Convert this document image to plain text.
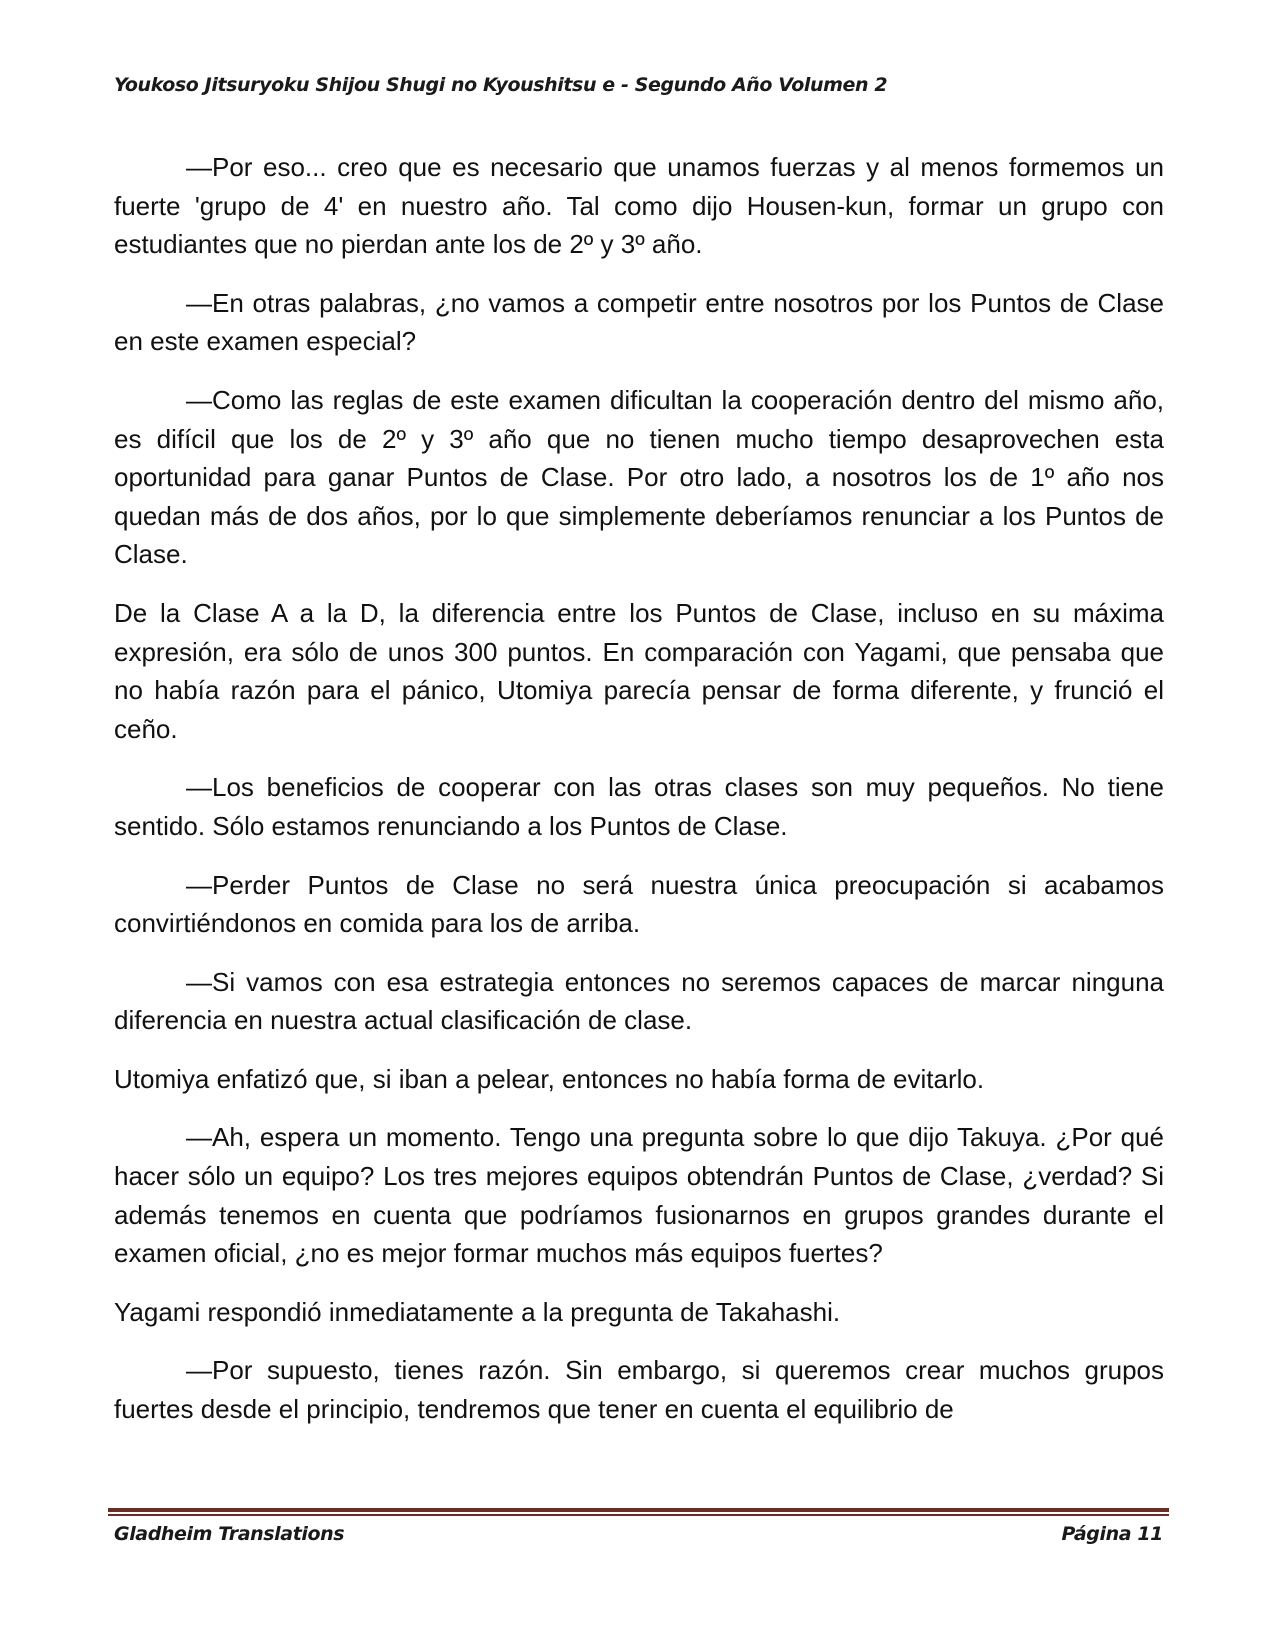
Youkoso Jitsuryoku Shijou Shugi no Kyoushitsu e - Segundo Año Volumen 2

—Por eso... creo que es necesario que unamos fuerzas y al menos formemos un fuerte 'grupo de 4' en nuestro año. Tal como dijo Housen-kun, formar un grupo con estudiantes que no pierdan ante los de 2º y 3º año.

—En otras palabras, ¿no vamos a competir entre nosotros por los Puntos de Clase en este examen especial?

—Como las reglas de este examen dificultan la cooperación dentro del mismo año, es difícil que los de 2º y 3º año que no tienen mucho tiempo desaprovechen esta oportunidad para ganar Puntos de Clase. Por otro lado, a nosotros los de 1º año nos quedan más de dos años, por lo que simplemente deberíamos renunciar a los Puntos de Clase.

De la Clase A a la D, la diferencia entre los Puntos de Clase, incluso en su máxima expresión, era sólo de unos 300 puntos. En comparación con Yagami, que pensaba que no había razón para el pánico, Utomiya parecía pensar de forma diferente, y frunció el ceño.

—Los beneficios de cooperar con las otras clases son muy pequeños. No tiene sentido. Sólo estamos renunciando a los Puntos de Clase.

—Perder Puntos de Clase no será nuestra única preocupación si acabamos convirtiéndonos en comida para los de arriba.

—Si vamos con esa estrategia entonces no seremos capaces de marcar ninguna diferencia en nuestra actual clasificación de clase.

Utomiya enfatizó que, si iban a pelear, entonces no había forma de evitarlo.

—Ah, espera un momento. Tengo una pregunta sobre lo que dijo Takuya. ¿Por qué hacer sólo un equipo? Los tres mejores equipos obtendrán Puntos de Clase, ¿verdad? Si además tenemos en cuenta que podríamos fusionarnos en grupos grandes durante el examen oficial, ¿no es mejor formar muchos más equipos fuertes?

Yagami respondió inmediatamente a la pregunta de Takahashi.

—Por supuesto, tienes razón. Sin embargo, si queremos crear muchos grupos fuertes desde el principio, tendremos que tener en cuenta el equilibrio de

Gladheim Translations	Página 11
